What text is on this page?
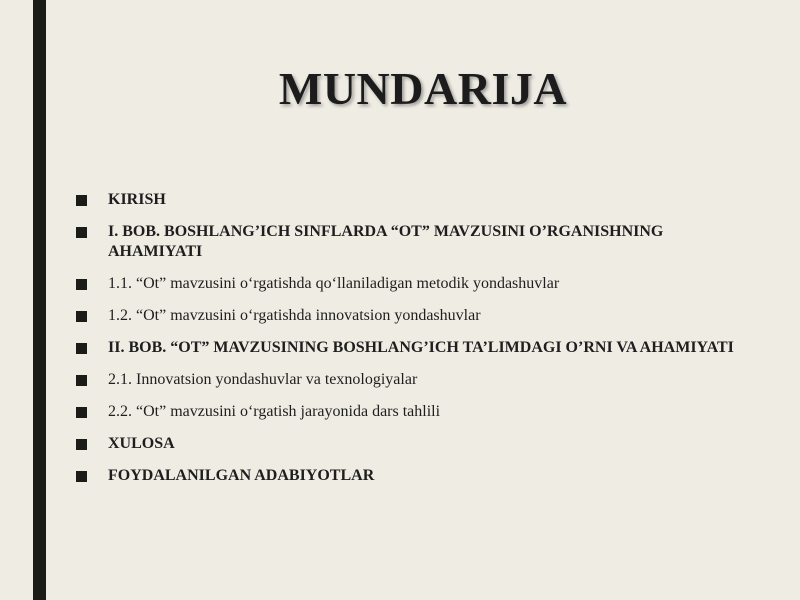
MUNDARIJA
KIRISH
I. BOB. BOSHLANG’ICH SINFLARDA “OT” MAVZUSINI O’RGANISHNING AHAMIYATI
1.1. “Ot” mavzusini o‘rgatishda qo‘llaniladigan metodik yondashuvlar
1.2. “Ot” mavzusini o‘rgatishda innovatsion yondashuvlar
II. BOB. “OT” MAVZUSINING BOSHLANG’ICH TA’LIMDAGI O’RNI VA AHAMIYATI
2.1. Innovatsion yondashuvlar va texnologiyalar
2.2. “Ot” mavzusini o‘rgatish jarayonida dars tahlili
XULOSA
FOYDALANILGAN ADABIYOTLAR
